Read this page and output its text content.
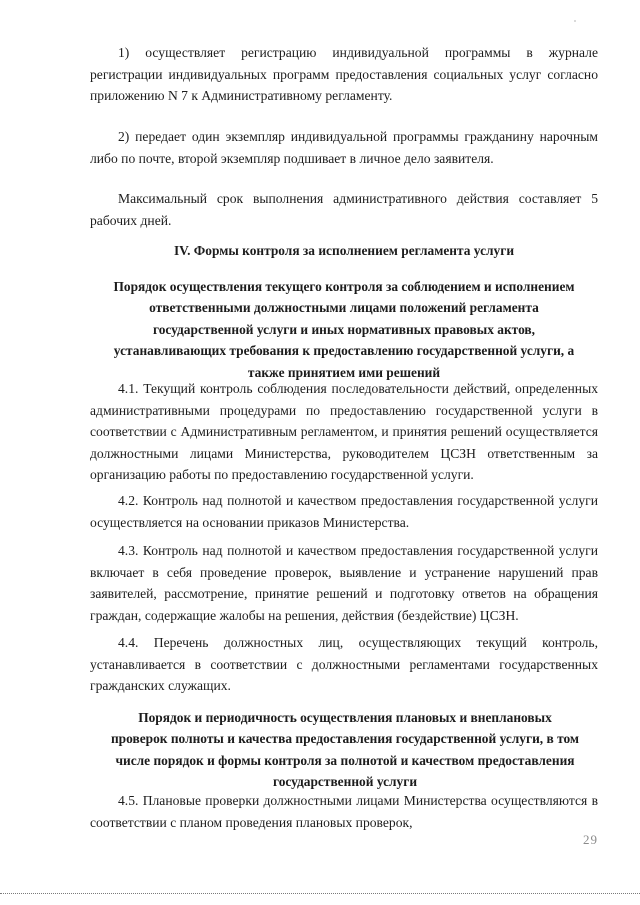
1) осуществляет регистрацию индивидуальной программы в журнале регистрации индивидуальных программ предоставления социальных услуг согласно приложению N 7 к Административному регламенту.

2) передает один экземпляр индивидуальной программы гражданину нарочным либо по почте, второй экземпляр подшивает в личное дело заявителя.

Максимальный срок выполнения административного действия составляет 5 рабочих дней.

IV. Формы контроля за исполнением регламента услуги

Порядок осуществления текущего контроля за соблюдением и исполнением ответственными должностными лицами положений регламента государственной услуги и иных нормативных правовых актов, устанавливающих требования к предоставлению государственной услуги, а также принятием ими решений

4.1. Текущий контроль соблюдения последовательности действий, определенных административными процедурами по предоставлению государственной услуги в соответствии с Административным регламентом, и принятия решений осуществляется должностными лицами Министерства, руководителем ЦСЗН ответственным за организацию работы по предоставлению государственной услуги.

4.2. Контроль над полнотой и качеством предоставления государственной услуги осуществляется на основании приказов Министерства.

4.3. Контроль над полнотой и качеством предоставления государственной услуги включает в себя проведение проверок, выявление и устранение нарушений прав заявителей, рассмотрение, принятие решений и подготовку ответов на обращения граждан, содержащие жалобы на решения, действия (бездействие) ЦСЗН.

4.4. Перечень должностных лиц, осуществляющих текущий контроль, устанавливается в соответствии с должностными регламентами государственных гражданских служащих.

Порядок и периодичность осуществления плановых и внеплановых проверок полноты и качества предоставления государственной услуги, в том числе порядок и формы контроля за полнотой и качеством предоставления государственной услуги

4.5. Плановые проверки должностными лицами Министерства осуществляются в соответствии с планом проведения плановых проверок,

29
